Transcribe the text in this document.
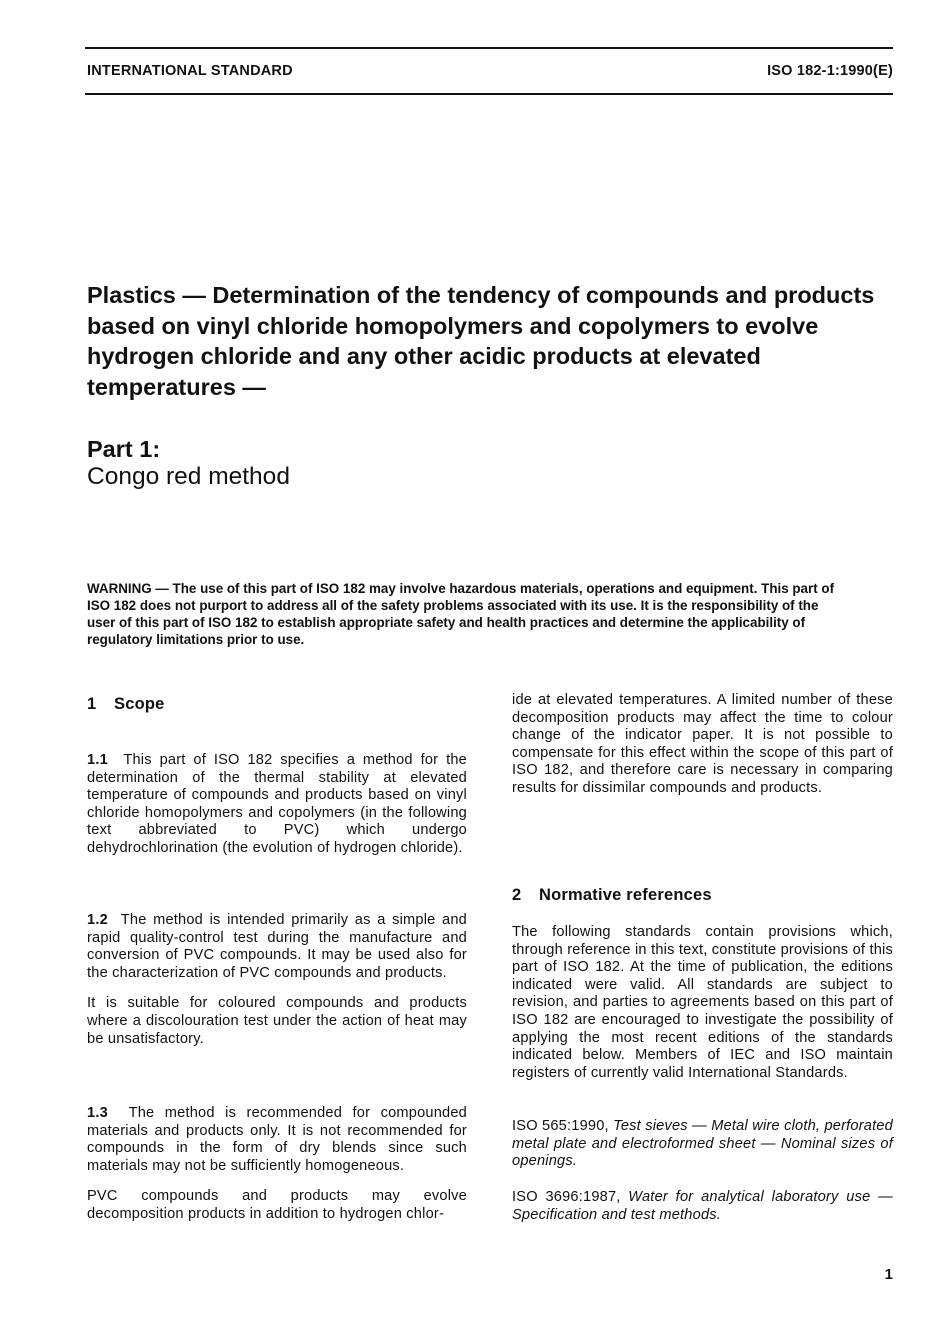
INTERNATIONAL STANDARD	ISO 182-1:1990(E)
Plastics — Determination of the tendency of compounds and products based on vinyl chloride homopolymers and copolymers to evolve hydrogen chloride and any other acidic products at elevated temperatures —
Part 1:
Congo red method

WARNING — The use of this part of ISO 182 may involve hazardous materials, operations and equipment. This part of ISO 182 does not purport to address all of the safety problems associated with its use. It is the responsibility of the user of this part of ISO 182 to establish appropriate safety and health practices and determine the applicability of regulatory limitations prior to use.

1 Scope

1.1 This part of ISO 182 specifies a method for the determination of the thermal stability at elevated temperature of compounds and products based on vinyl chloride homopolymers and copolymers (in the following text abbreviated to PVC) which undergo dehydrochlorination (the evolution of hydrogen chloride).

1.2 The method is intended primarily as a simple and rapid quality-control test during the manufacture and conversion of PVC compounds. It may be used also for the characterization of PVC compounds and products.

It is suitable for coloured compounds and products where a discolouration test under the action of heat may be unsatisfactory.

1.3 The method is recommended for compounded materials and products only. It is not recommended for compounds in the form of dry blends since such materials may not be sufficiently homogeneous.

PVC compounds and products may evolve decomposition products in addition to hydrogen chlor-

ide at elevated temperatures. A limited number of these decomposition products may affect the time to colour change of the indicator paper. It is not possible to compensate for this effect within the scope of this part of ISO 182, and therefore care is necessary in comparing results for dissimilar compounds and products.

2 Normative references

The following standards contain provisions which, through reference in this text, constitute provisions of this part of ISO 182. At the time of publication, the editions indicated were valid. All standards are subject to revision, and parties to agreements based on this part of ISO 182 are encouraged to investigate the possibility of applying the most recent editions of the standards indicated below. Members of IEC and ISO maintain registers of currently valid International Standards.

ISO 565:1990, Test sieves — Metal wire cloth, perforated metal plate and electroformed sheet — Nominal sizes of openings.

ISO 3696:1987, Water for analytical laboratory use — Specification and test methods.

1
